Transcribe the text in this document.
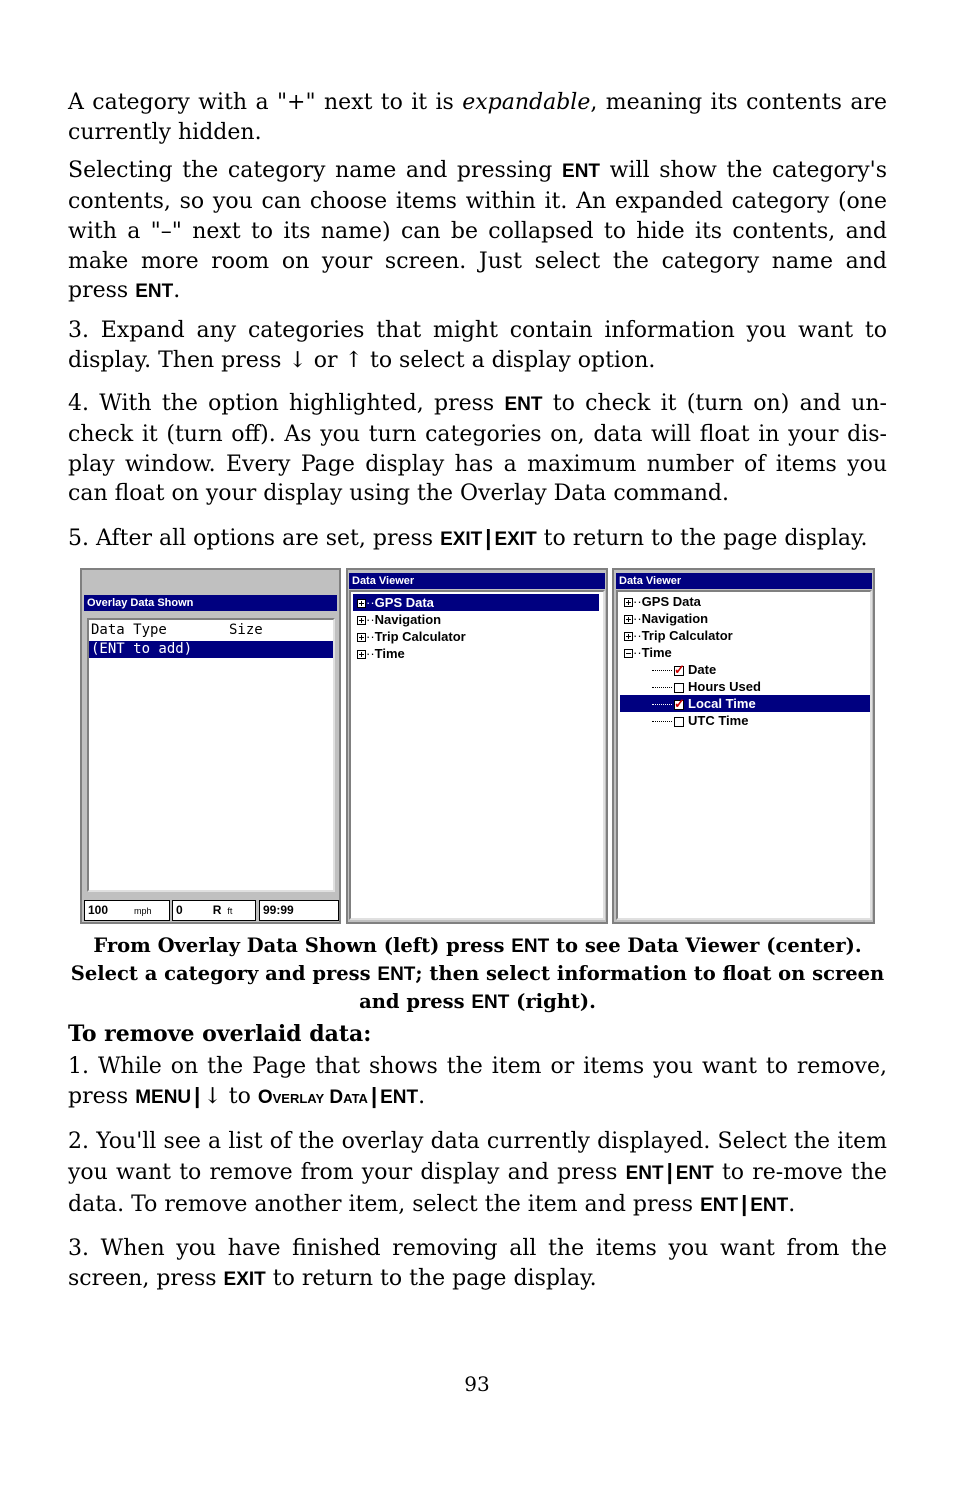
A category with a "+" next to it is expandable, meaning its contents are currently hidden.

Selecting the category name and pressing ENT will show the category's contents, so you can choose items within it. An expanded category (one with a "–" next to its name) can be collapsed to hide its contents, and make more room on your screen. Just select the category name and press ENT.

3. Expand any categories that might contain information you want to display. Then press ↓ or ↑ to select a display option.

4. With the option highlighted, press ENT to check it (turn on) and un-check it (turn off). As you turn categories on, data will float in your dis-play window. Every Page display has a maximum number of items you can float on your display using the Overlay Data command.

5. After all options are set, press EXIT | EXIT to return to the page display.

Overlay Data Shown
Data Type	Size
(ENT to add)
100	mph	0	R ft	99:99
Data Viewer
··GPS Data
··Navigation
··Trip Calculator
··Time
Data Viewer
··GPS Data
··Navigation
··Trip Calculator
··Time
✓ Date
Hours Used
✓ Local Time
UTC Time
From Overlay Data Shown (left) press ENT to see Data Viewer (center). Select a category and press ENT; then select information to float on screen and press ENT (right).

To remove overlaid data:

1. While on the Page that shows the item or items you want to remove, press MENU | ↓ to Overlay Data | ENT.

2. You'll see a list of the overlay data currently displayed. Select the item you want to remove from your display and press ENT | ENT to re-move the data. To remove another item, select the item and press ENT | ENT.

3. When you have finished removing all the items you want from the screen, press EXIT to return to the page display.

93
